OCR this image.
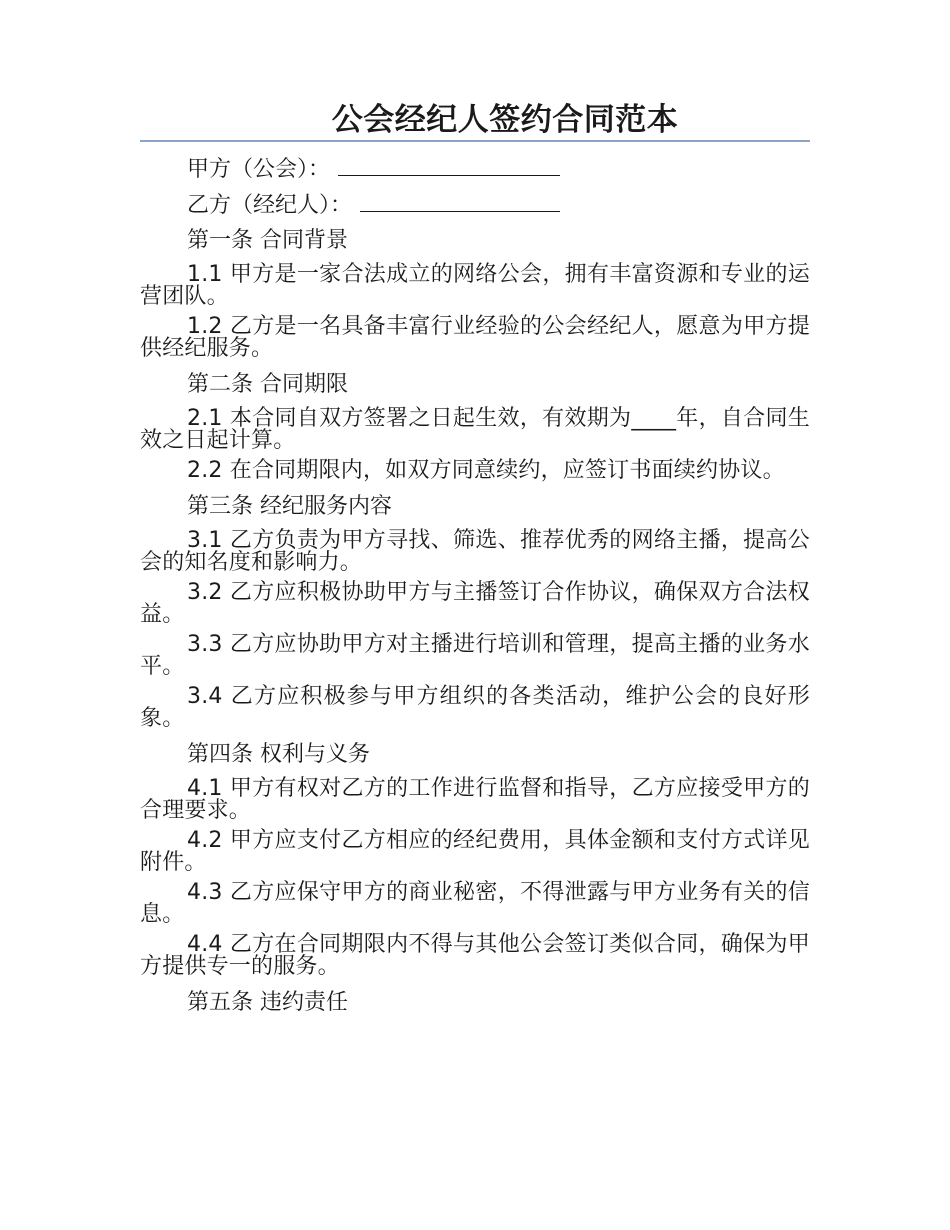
公会经纪人签约合同范本
甲方（公会）：
乙方（经纪人）：
第一条 合同背景

1.1 甲方是一家合法成立的网络公会，拥有丰富资源和专业的运营团队。

1.2 乙方是一名具备丰富行业经验的公会经纪人，愿意为甲方提供经纪服务。

第二条 合同期限

2.1 本合同自双方签署之日起生效，有效期为____年，自合同生效之日起计算。

2.2 在合同期限内，如双方同意续约，应签订书面续约协议。

第三条 经纪服务内容

3.1 乙方负责为甲方寻找、筛选、推荐优秀的网络主播，提高公会的知名度和影响力。

3.2 乙方应积极协助甲方与主播签订合作协议，确保双方合法权益。

3.3 乙方应协助甲方对主播进行培训和管理，提高主播的业务水平。

3.4 乙方应积极参与甲方组织的各类活动，维护公会的良好形象。

第四条 权利与义务

4.1 甲方有权对乙方的工作进行监督和指导，乙方应接受甲方的合理要求。

4.2 甲方应支付乙方相应的经纪费用，具体金额和支付方式详见附件。

4.3 乙方应保守甲方的商业秘密，不得泄露与甲方业务有关的信息。

4.4 乙方在合同期限内不得与其他公会签订类似合同，确保为甲方提供专一的服务。

第五条 违约责任
